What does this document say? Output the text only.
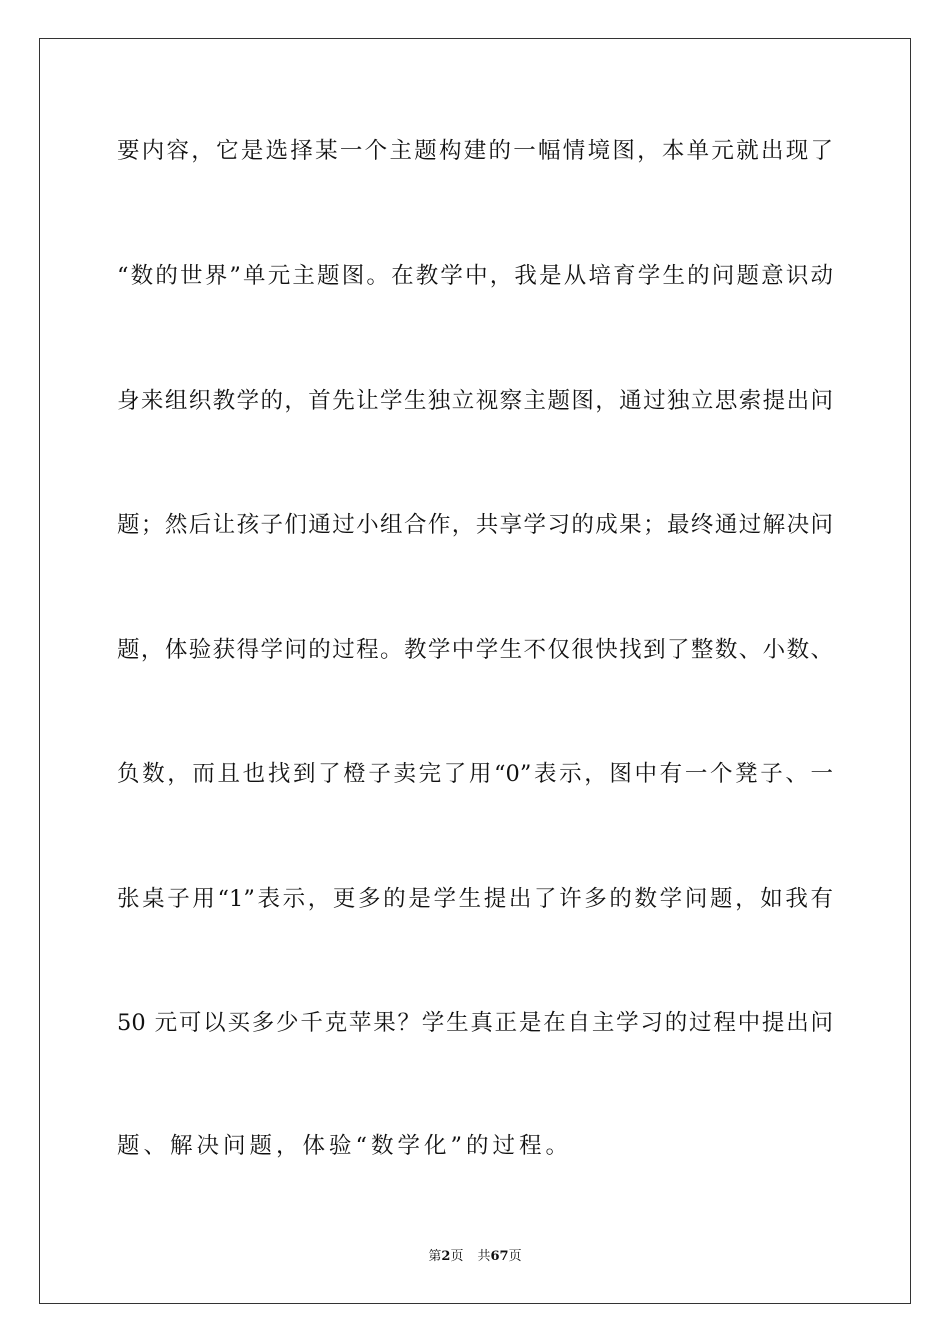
要内容，它是选择某一个主题构建的一幅情境图，本单元就出现了
“数的世界”单元主题图。在教学中，我是从培育学生的问题意识动
身来组织教学的，首先让学生独立视察主题图，通过独立思索提出问
题；然后让孩子们通过小组合作，共享学习的成果；最终通过解决问
题，体验获得学问的过程。教学中学生不仅很快找到了整数、小数、
负数，而且也找到了橙子卖完了用“0”表示，图中有一个凳子、一
张桌子用“1”表示，更多的是学生提出了许多的数学问题，如我有
50 元可以买多少千克苹果？学生真正是在自主学习的过程中提出问
题、解决问题，体验“数学化”的过程。
第2页 共67页
